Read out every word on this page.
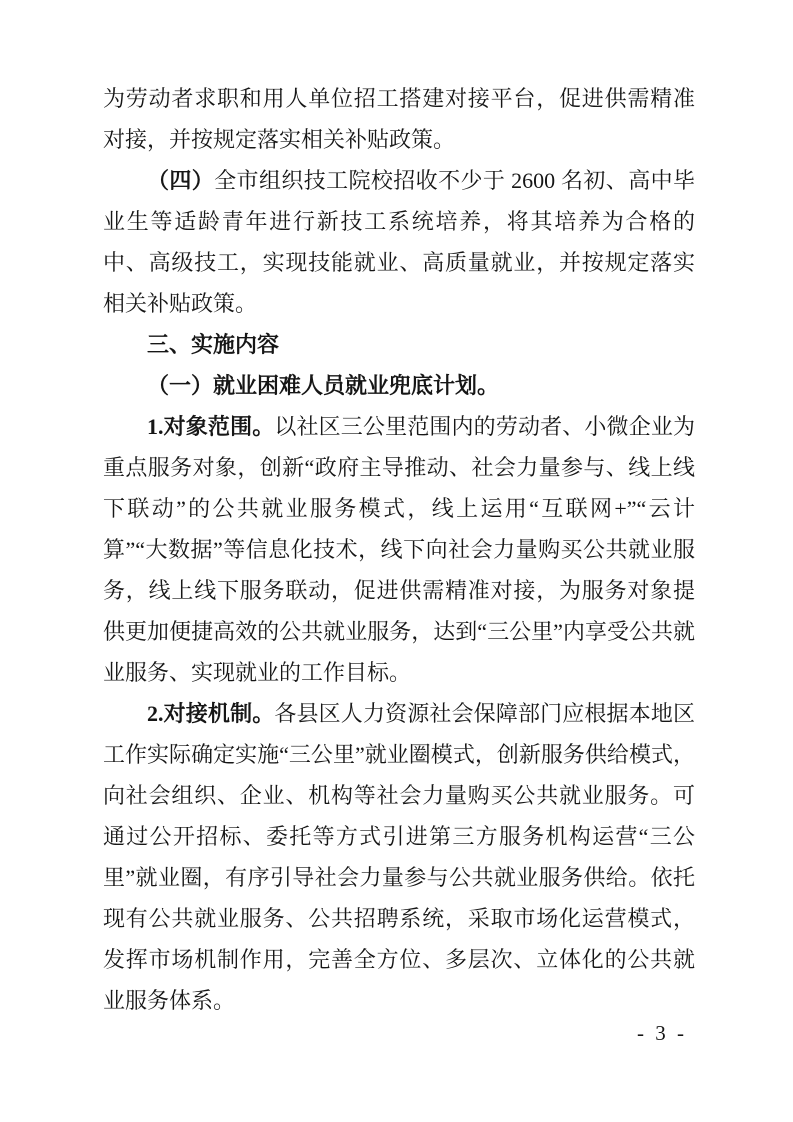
为劳动者求职和用人单位招工搭建对接平台，促进供需精准对接，并按规定落实相关补贴政策。

（四）全市组织技工院校招收不少于 2600 名初、高中毕业生等适龄青年进行新技工系统培养，将其培养为合格的中、高级技工，实现技能就业、高质量就业，并按规定落实相关补贴政策。

三、实施内容

（一）就业困难人员就业兜底计划。

1.对象范围。以社区三公里范围内的劳动者、小微企业为重点服务对象，创新“政府主导推动、社会力量参与、线上线下联动”的公共就业服务模式，线上运用“互联网+”“云计算”“大数据”等信息化技术，线下向社会力量购买公共就业服务，线上线下服务联动，促进供需精准对接，为服务对象提供更加便捷高效的公共就业服务，达到“三公里”内享受公共就业服务、实现就业的工作目标。

2.对接机制。各县区人力资源社会保障部门应根据本地区工作实际确定实施“三公里”就业圈模式，创新服务供给模式，向社会组织、企业、机构等社会力量购买公共就业服务。可通过公开招标、委托等方式引进第三方服务机构运营“三公里”就业圈，有序引导社会力量参与公共就业服务供给。依托现有公共就业服务、公共招聘系统，采取市场化运营模式，发挥市场机制作用，完善全方位、多层次、立体化的公共就业服务体系。

- 3 -
